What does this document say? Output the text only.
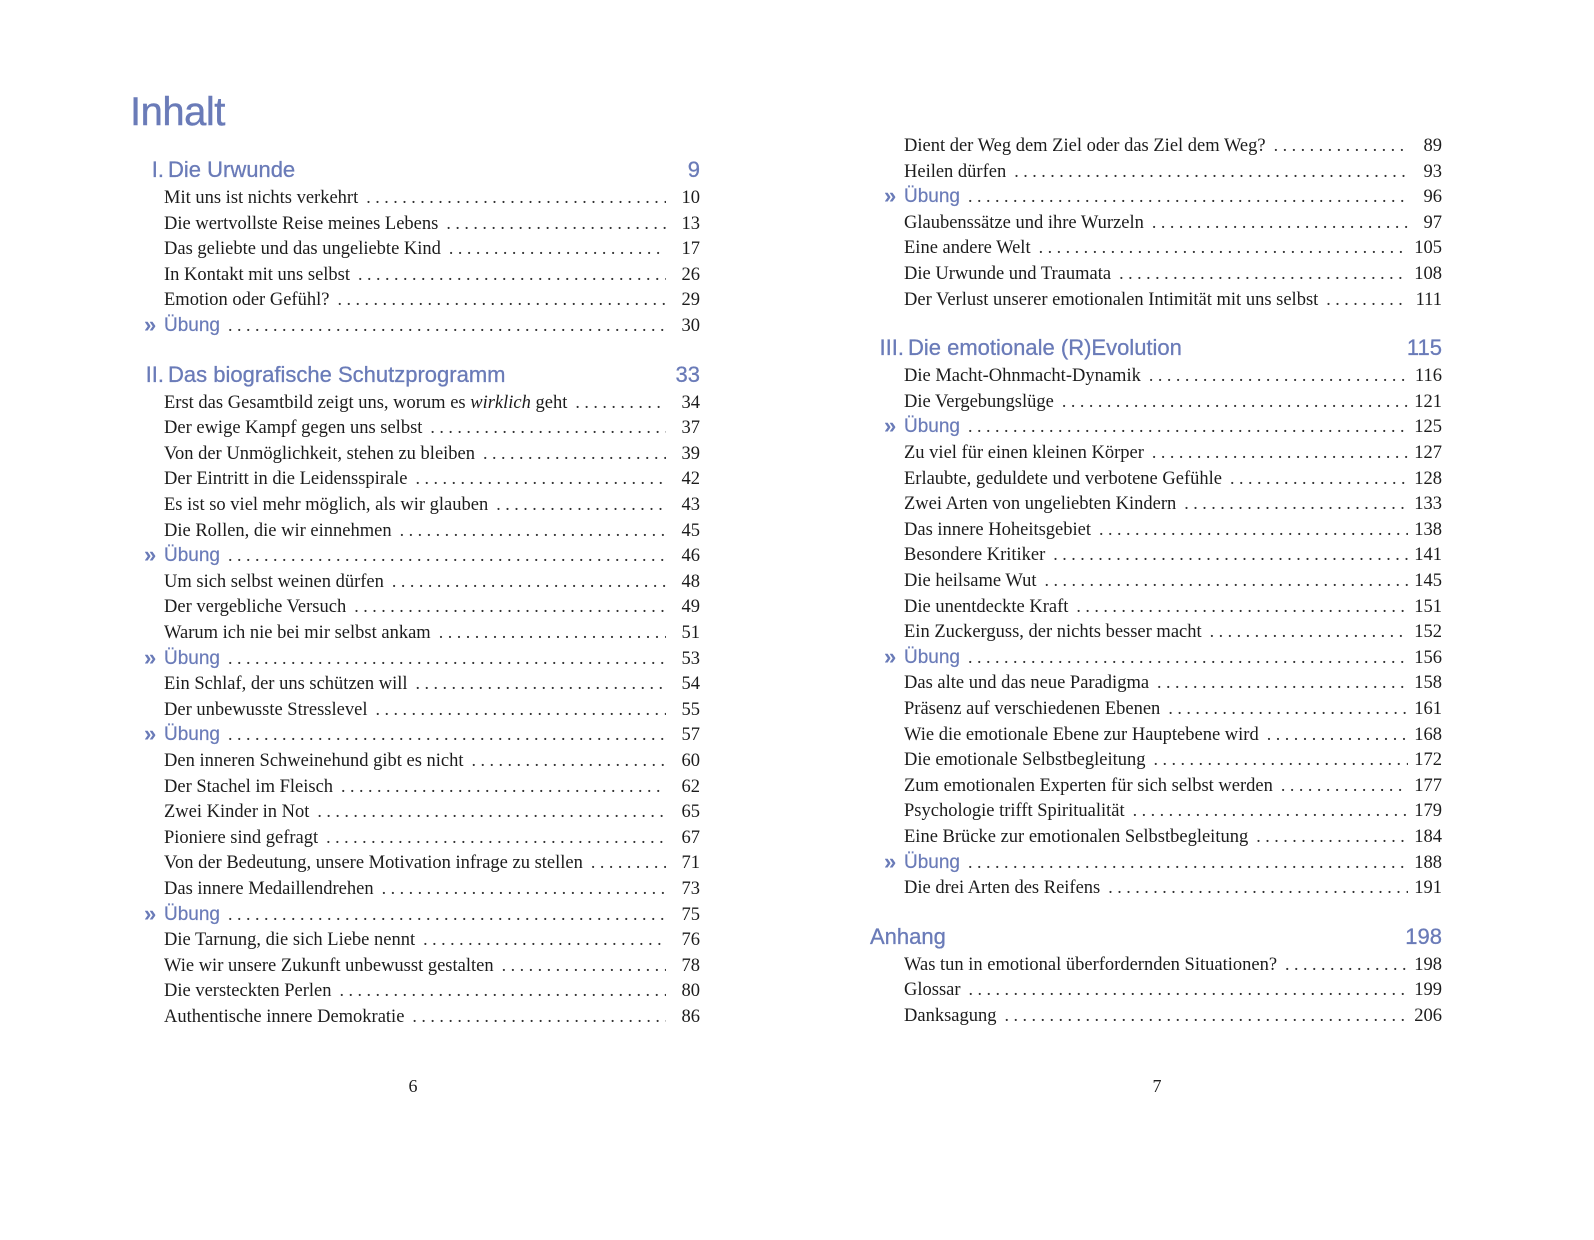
Inhalt
I. Die Urwunde	9
Mit uns ist nichts verkehrt . . .	10
Die wertvollste Reise meines Lebens . . .	13
Das geliebte und das ungeliebte Kind . . .	17
In Kontakt mit uns selbst . . .	26
Emotion oder Gefühl? . . .	29
» Übung . . .	30
II. Das biografische Schutzprogramm	33
Erst das Gesamtbild zeigt uns, worum es wirklich geht . . .	34
Der ewige Kampf gegen uns selbst . . .	37
Von der Unmöglichkeit, stehen zu bleiben . . .	39
Der Eintritt in die Leidensspirale . . .	42
Es ist so viel mehr möglich, als wir glauben . . .	43
Die Rollen, die wir einnehmen . . .	45
» Übung . . .	46
Um sich selbst weinen dürfen . . .	48
Der vergebliche Versuch . . .	49
Warum ich nie bei mir selbst ankam . . .	51
» Übung . . .	53
Ein Schlaf, der uns schützen will . . .	54
Der unbewusste Stresslevel . . .	55
» Übung . . .	57
Den inneren Schweinehund gibt es nicht . . .	60
Der Stachel im Fleisch . . .	62
Zwei Kinder in Not . . .	65
Pioniere sind gefragt . . .	67
Von der Bedeutung, unsere Motivation infrage zu stellen . . .	71
Das innere Medaillendrehen . . .	73
» Übung . . .	75
Die Tarnung, die sich Liebe nennt . . .	76
Wie wir unsere Zukunft unbewusst gestalten . . .	78
Die versteckten Perlen . . .	80
Authentische innere Demokratie . . .	86
Dient der Weg dem Ziel oder das Ziel dem Weg? . . .	89
Heilen dürfen . . .	93
» Übung . . .	96
Glaubenssätze und ihre Wurzeln . . .	97
Eine andere Welt . . .	105
Die Urwunde und Traumata . . .	108
Der Verlust unserer emotionalen Intimität mit uns selbst . . .	111
III. Die emotionale (R)Evolution	115
Die Macht-Ohnmacht-Dynamik . . .	116
Die Vergebungslüge . . .	121
» Übung . . .	125
Zu viel für einen kleinen Körper . . .	127
Erlaubte, geduldete und verbotene Gefühle . . .	128
Zwei Arten von ungeliebten Kindern . . .	133
Das innere Hoheitsgebiet . . .	138
Besondere Kritiker . . .	141
Die heilsame Wut . . .	145
Die unentdeckte Kraft . . .	151
Ein Zuckerguss, der nichts besser macht . . .	152
» Übung . . .	156
Das alte und das neue Paradigma . . .	158
Präsenz auf verschiedenen Ebenen . . .	161
Wie die emotionale Ebene zur Hauptebene wird . . .	168
Die emotionale Selbstbegleitung . . .	172
Zum emotionalen Experten für sich selbst werden . . .	177
Psychologie trifft Spiritualität . . .	179
Eine Brücke zur emotionalen Selbstbegleitung . . .	184
» Übung . . .	188
Die drei Arten des Reifens . . .	191
Anhang	198
Was tun in emotional überfordernden Situationen? . . .	198
Glossar . . .	199
Danksagung . . .	206
6	7
